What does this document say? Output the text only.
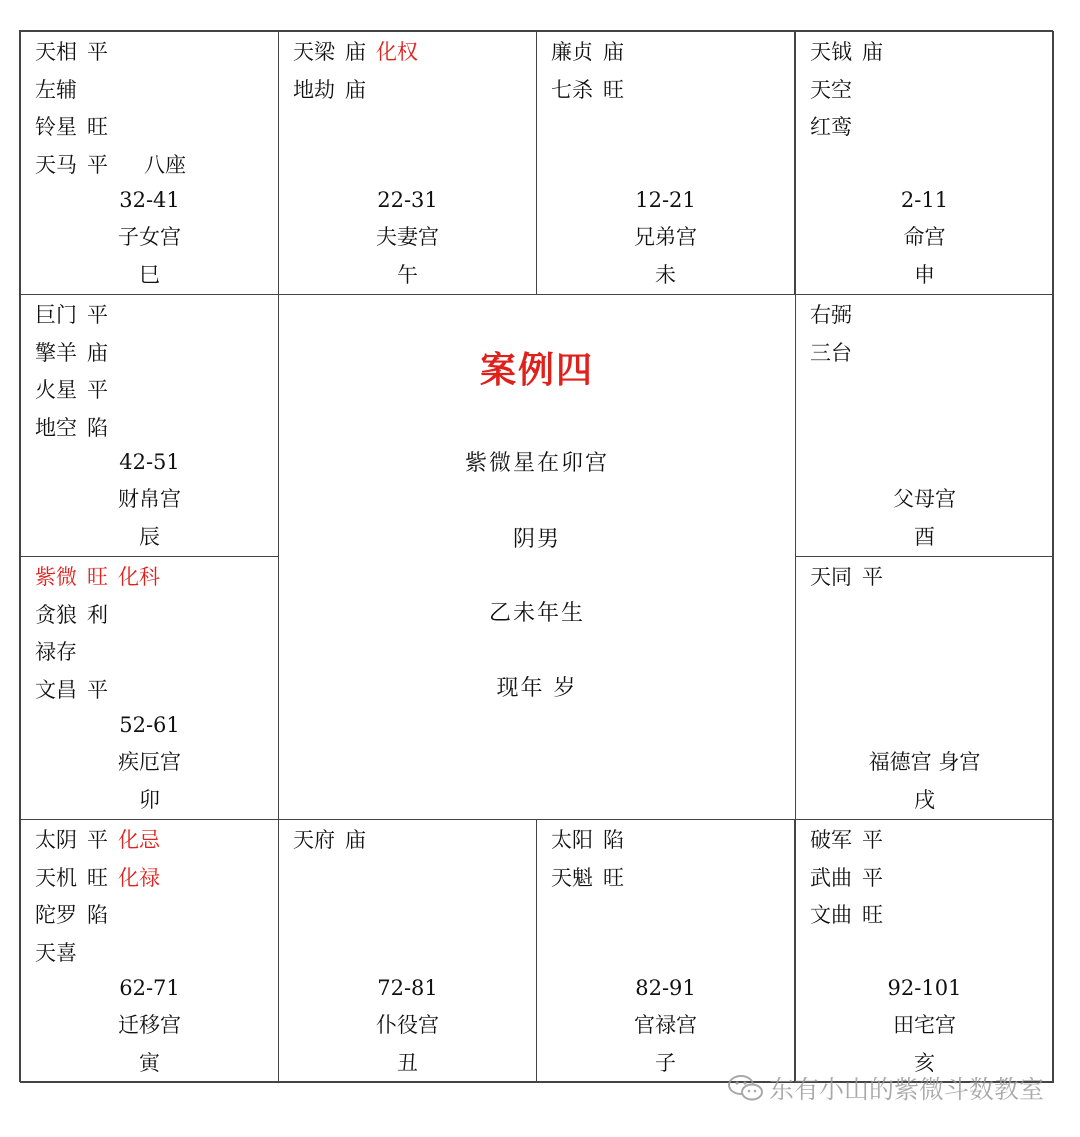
天相 平
左辅
铃星 旺
天马 平 八座
32-41
子女宫
巳
天梁 庙 化权
地劫 庙
22-31
夫妻宫
午
廉贞 庙
七杀 旺
12-21
兄弟宫
未
天钺 庙
天空
红鸾
2-11
命宫
申
巨门 平
擎羊 庙
火星 平
地空 陷
42-51
财帛宫
辰
右弼
三台
父母宫
酉
紫微 旺 化科
贪狼 利
禄存
文昌 平
52-61
疾厄宫
卯
天同 平
福德宫 身宫
戌
太阴 平 化忌
天机 旺 化禄
陀罗 陷
天喜
62-71
迁移宫
寅
天府 庙
72-81
仆役宫
丑
太阳 陷
天魁 旺
82-91
官禄宫
子
破军 平
武曲 平
文曲 旺
92-101
田宅宫
亥
案例四
紫微星在卯宫
阴男
乙未年生
现年 岁
东有小山的紫微斗数教室
